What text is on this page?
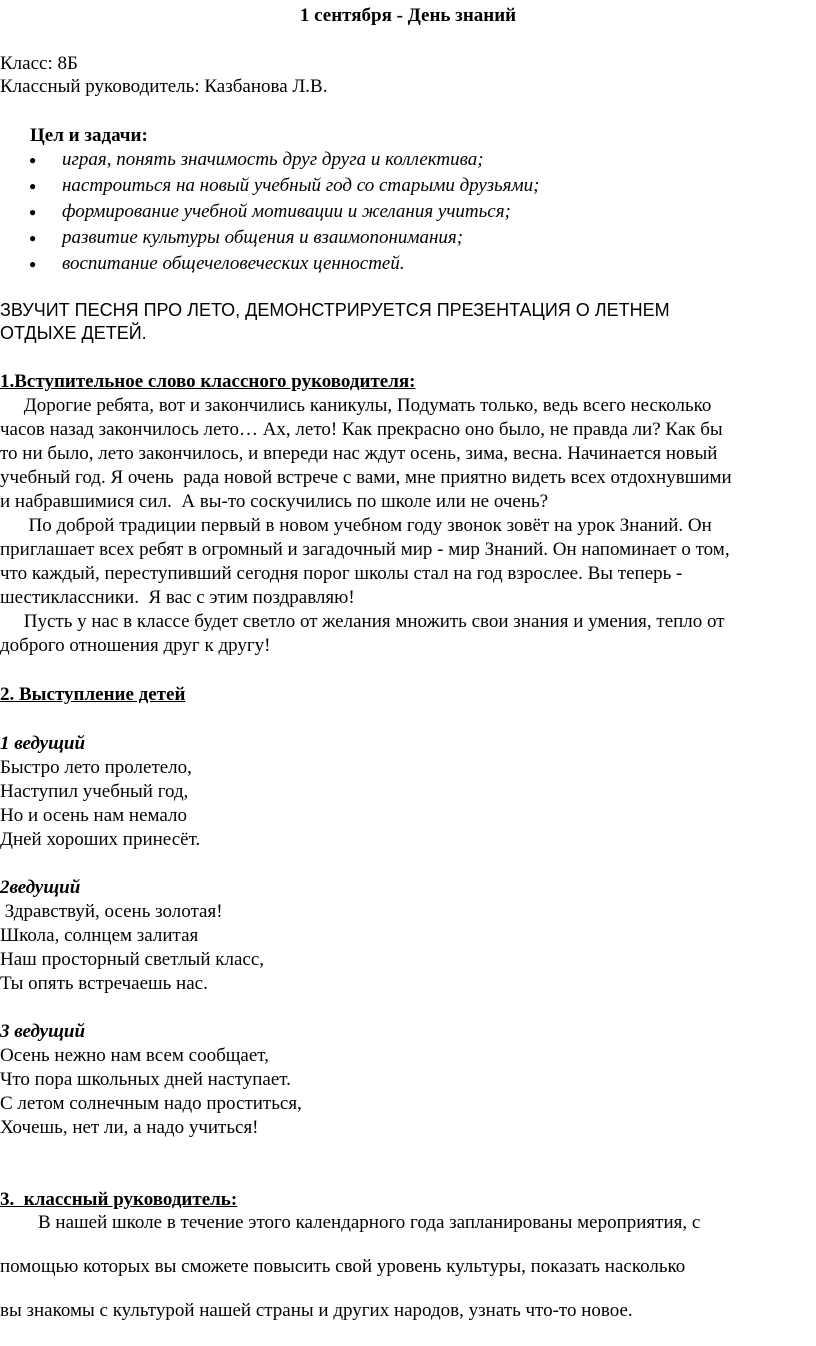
1 сентября - День знаний
Класс: 8Б
Классный руководитель: Казбанова Л.В.
Цел и задачи:
● играя, понять значимость друг друга и коллектива;
● настроиться на новый учебный год со старыми друзьями;
● формирование учебной мотивации и желания учиться;
● развитие культуры общения и взаимопонимания;
● воспитание общечеловеческих ценностей.
ЗВУЧИТ ПЕСНЯ ПРО ЛЕТО, ДЕМОНСТРИРУЕТСЯ ПРЕЗЕНТАЦИЯ О ЛЕТНЕМ
ОТДЫХЕ ДЕТЕЙ.
1.Вступительное слово классного руководителя:
Дорогие ребята, вот и закончились каникулы, Подумать только, ведь всего несколько
часов назад закончилось лето… Ах, лето! Как прекрасно оно было, не правда ли? Как бы
то ни было, лето закончилось, и впереди нас ждут осень, зима, весна. Начинается новый
учебный год. Я очень  рада новой встрече с вами, мне приятно видеть всех отдохнувшими
и набравшимися сил.  А вы-то соскучились по школе или не очень?
По доброй традиции первый в новом учебном году звонок зовёт на урок Знаний. Он
приглашает всех ребят в огромный и загадочный мир - мир Знаний. Он напоминает о том,
что каждый, переступивший сегодня порог школы стал на год взрослее. Вы теперь -
шестиклассники.  Я вас с этим поздравляю!
Пусть у нас в классе будет светло от желания множить свои знания и умения, тепло от
доброго отношения друг к другу!
2. Выступление детей
1 ведущий
Быстро лето пролетело,
Наступил учебный год,
Но и осень нам немало
Дней хороших принесёт.
2ведущий
Здравствуй, осень золотая!
Школа, солнцем залитая
Наш просторный светлый класс,
Ты опять встречаешь нас.
3 ведущий
Осень нежно нам всем сообщает,
Что пора школьных дней наступает.
С летом солнечным надо проститься,
Хочешь, нет ли, а надо учиться!
3.  классный руководитель:
В нашей школе в течение этого календарного года запланированы мероприятия, с
помощью которых вы сможете повысить свой уровень культуры, показать насколько
вы знакомы с культурой нашей страны и других народов, узнать что-то новое.
